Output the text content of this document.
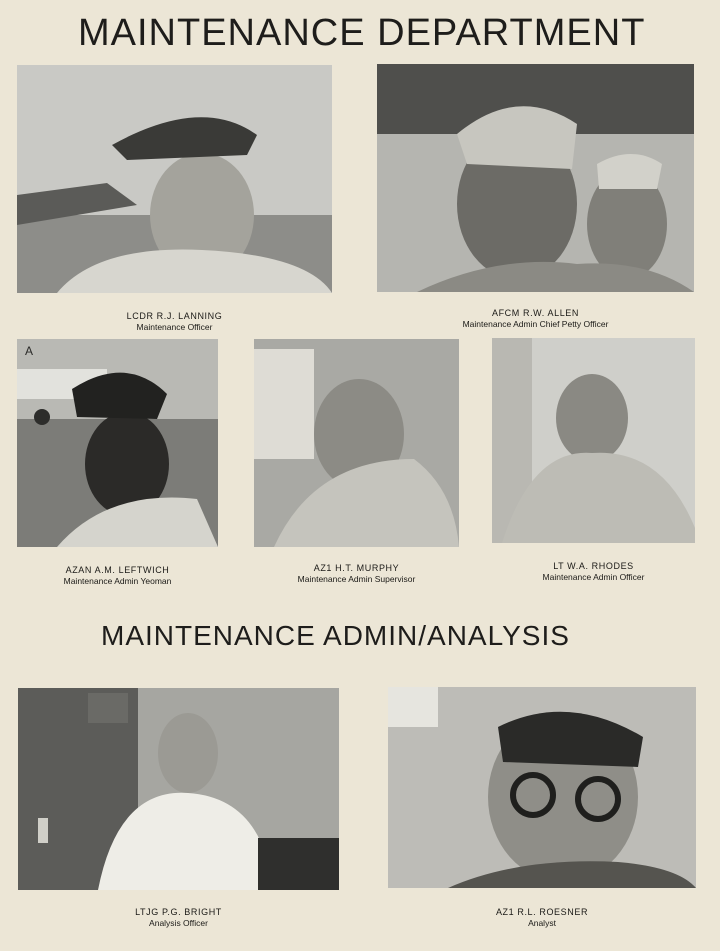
MAINTENANCE DEPARTMENT
LCDR R.J. LANNING
Maintenance Officer
AFCM R.W. ALLEN
Maintenance Admin Chief Petty Officer
A
AZAN A.M. LEFTWICH
Maintenance Admin Yeoman
AZ1 H.T. MURPHY
Maintenance Admin Supervisor
LT W.A. RHODES
Maintenance Admin Officer
MAINTENANCE ADMIN/ANALYSIS
LTJG P.G. BRIGHT
Analysis Officer
AZ1 R.L. ROESNER
Analyst
